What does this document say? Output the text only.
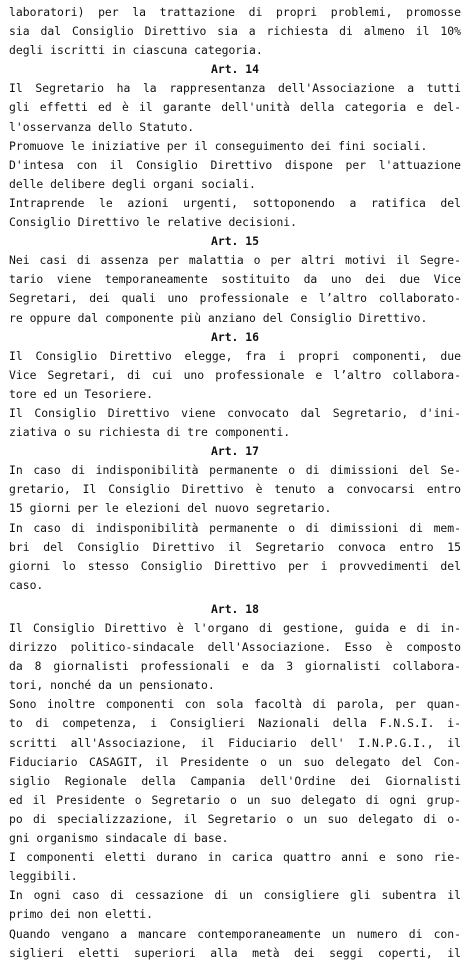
laboratori) per la trattazione di propri problemi, promosse
sia dal Consiglio Direttivo sia a richiesta di almeno il 10%
degli iscritti in ciascuna categoria.
Art. 14
Il Segretario ha la rappresentanza dell'Associazione a tutti
gli effetti ed è il garante dell'unità della categoria e del-
l'osservanza dello Statuto.
Promuove le iniziative per il conseguimento dei fini sociali.
D'intesa con il Consiglio Direttivo dispone per l'attuazione
delle delibere degli organi sociali.
Intraprende le azioni urgenti, sottoponendo a ratifica del
Consiglio Direttivo le relative decisioni.
Art. 15
Nei casi di assenza per malattia o per altri motivi il Segre-
tario viene temporaneamente sostituito da uno dei due Vice
Segretari, dei quali uno professionale e l’altro collaborato-
re oppure dal componente più anziano del Consiglio Direttivo.
Art. 16
Il Consiglio Direttivo elegge, fra i propri componenti, due
Vice Segretari, di cui uno professionale e l’altro collabora-
tore ed un Tesoriere.
Il Consiglio Direttivo viene convocato dal Segretario, d'ini-
ziativa o su richiesta di tre componenti.
Art. 17
In caso di indisponibilità permanente o di dimissioni del Se-
gretario, Il Consiglio Direttivo è tenuto a convocarsi entro
15 giorni per le elezioni del nuovo segretario.
In caso di indisponibilità permanente o di dimissioni di mem-
bri del Consiglio Direttivo il Segretario convoca entro 15
giorni lo stesso Consiglio Direttivo per i provvedimenti del
caso.
Art. 18
Il Consiglio Direttivo è l'organo di gestione, guida e di in-
dirizzo politico-sindacale dell'Associazione. Esso è composto
da 8 giornalisti professionali e da 3 giornalisti collabora-
tori, nonché da un pensionato.
Sono inoltre componenti con sola facoltà di parola, per quan-
to di competenza, i Consiglieri Nazionali della F.N.S.I. i-
scritti all'Associazione, il Fiduciario dell' I.N.P.G.I., il
Fiduciario CASAGIT, il Presidente o un suo delegato del Con-
siglio Regionale della Campania dell'Ordine dei Giornalisti
ed il Presidente o Segretario o un suo delegato di ogni grup-
po di specializzazione, il Segretario o un suo delegato di o-
gni organismo sindacale di base.
I componenti eletti durano in carica quattro anni e sono rie-
leggibili.
In ogni caso di cessazione di un consigliere gli subentra il
primo dei non eletti.
Quando vengano a mancare contemporaneamente un numero di con-
siglieri eletti superiori alla metà dei seggi coperti, il
